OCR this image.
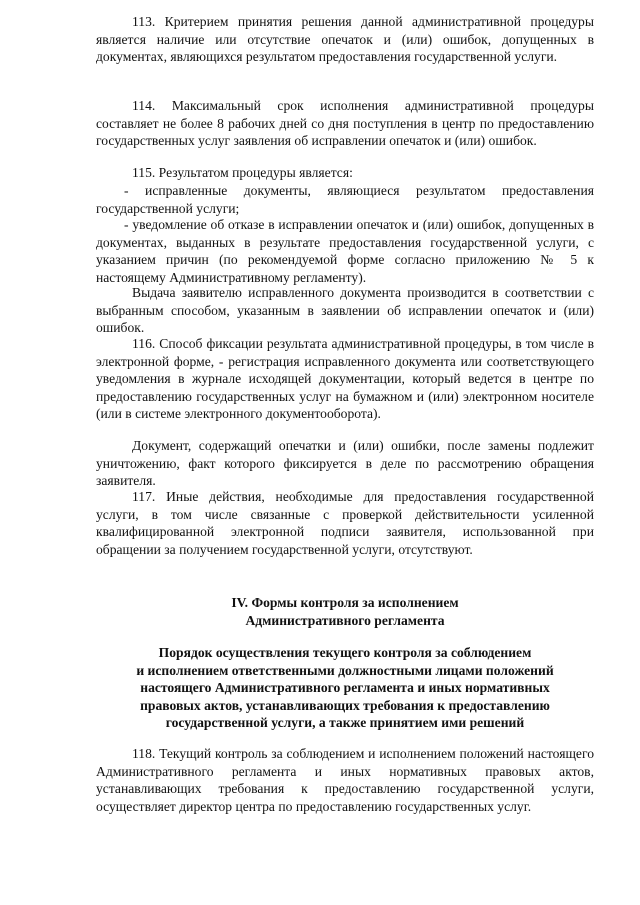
113. Критерием принятия решения данной административной процедуры является наличие или отсутствие опечаток и (или) ошибок, допущенных в документах, являющихся результатом предоставления государственной услуги.

114. Максимальный срок исполнения административной процедуры составляет не более 8 рабочих дней со дня поступления в центр по предоставлению государственных услуг заявления об исправлении опечаток и (или) ошибок.

115. Результатом процедуры является:

- исправленные документы, являющиеся результатом предоставления государственной услуги;

- уведомление об отказе в исправлении опечаток и (или) ошибок, допущенных в документах, выданных в результате предоставления государственной услуги, с указанием причин (по рекомендуемой форме согласно приложению № 5 к настоящему Административному регламенту).

Выдача заявителю исправленного документа производится в соответствии с выбранным способом, указанным в заявлении об исправлении опечаток и (или) ошибок.

116. Способ фиксации результата административной процедуры, в том числе в электронной форме, - регистрация исправленного документа или соответствующего уведомления в журнале исходящей документации, который ведется в центре по предоставлению государственных услуг на бумажном и (или) электронном носителе (или в системе электронного документооборота).

Документ, содержащий опечатки и (или) ошибки, после замены подлежит уничтожению, факт которого фиксируется в деле по рассмотрению обращения заявителя.

117. Иные действия, необходимые для предоставления государственной услуги, в том числе связанные с проверкой действительности усиленной квалифицированной электронной подписи заявителя, использованной при обращении за получением государственной услуги, отсутствуют.

IV. Формы контроля за исполнением
Административного регламента
Порядок осуществления текущего контроля за соблюдением
и исполнением ответственными должностными лицами положений
настоящего Административного регламента и иных нормативных
правовых актов, устанавливающих требования к предоставлению
государственной услуги, а также принятием ими решений

118. Текущий контроль за соблюдением и исполнением положений настоящего Административного регламента и иных нормативных правовых актов, устанавливающих требования к предоставлению государственной услуги, осуществляет директор центра по предоставлению государственных услуг.
